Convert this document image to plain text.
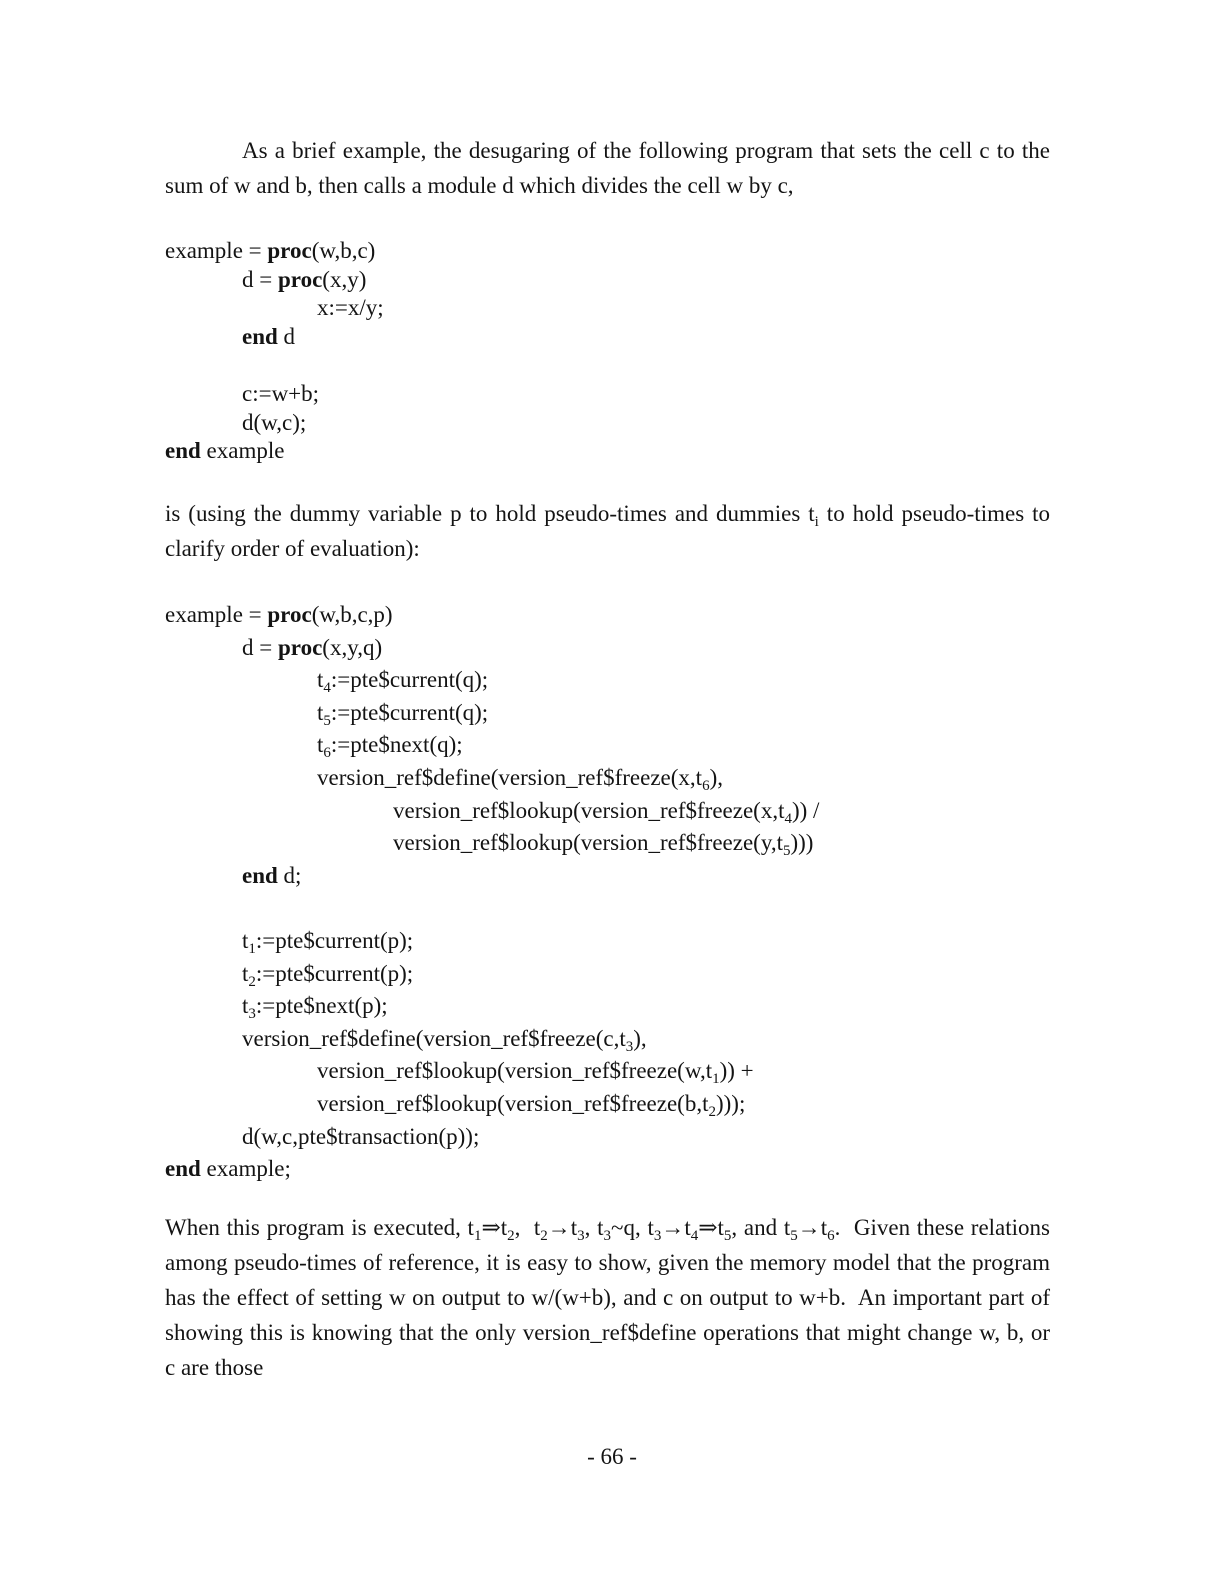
As a brief example, the desugaring of the following program that sets the cell c to the sum of w and b, then calls a module d which divides the cell w by c,

example = proc(w,b,c)
d = proc(x,y)
x:=x/y;
end d
c:=w+b;
d(w,c);
end example

is (using the dummy variable p to hold pseudo-times and dummies $t_i$ to hold pseudo-times to clarify order of evaluation):

example = proc(w,b,c,p)
d = proc(x,y,q)
$t_4:=pte\$current(q)$;
$t_5:=pte\$current(q)$;
$t_6:=pte\$next(q)$;
$version\_ref\$define(version\_ref\$freeze(x,t_6)$,
$version\_ref\$lookup(version\_ref\$freeze(x,t_4))$ /
$version\_ref\$lookup(version\_ref\$freeze(y,t_5))$)
end d;
$t_1:=pte\$current(p)$;
$t_2:=pte\$current(p)$;
$t_3:=pte\$next(p)$;
$version\_ref\$define(version\_ref\$freeze(c,t_3)$,
$version\_ref\$lookup(version\_ref\$freeze(w,t_1))$ +
$version\_ref\$lookup(version\_ref\$freeze(b,t_2))$);
d(w,c,pte$transaction(p));
end example;

When this program is executed, $t_1\Rightarrow t_2$,  $t_2\to t_3$, $t_3\sim q$, $t_3\to t_4\Rightarrow t_5$, and $t_5\to t_6$.  Given these relations among pseudo-times of reference, it is easy to show, given the memory model that the program has the effect of setting w on output to w/(w+b), and c on output to w+b.  An important part of showing this is knowing that the only version_ref$define operations that might change w, b, or c are those

- 66 -
